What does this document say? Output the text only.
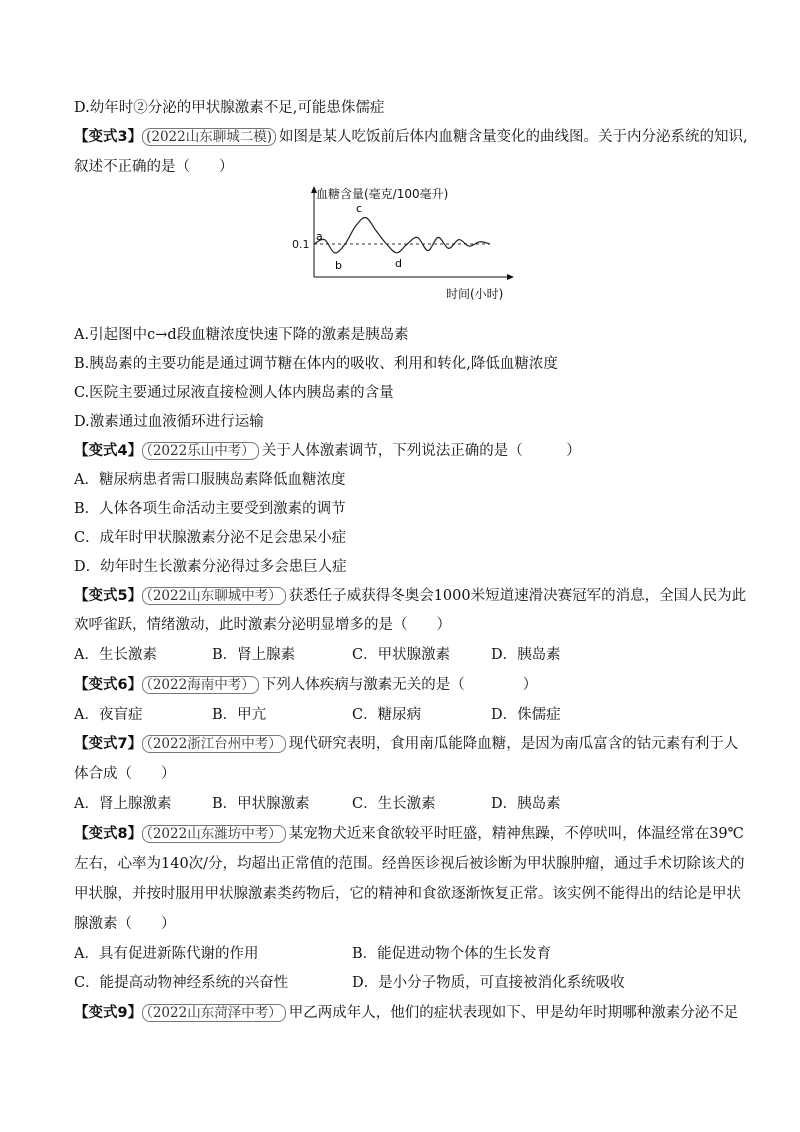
D.幼年时②分泌的甲状腺激素不足,可能患侏儒症
【变式3】 (2022山东聊城二模) 如图是某人吃饭前后体内血糖含量变化的曲线图。关于内分泌系统的知识,
叙述不正确的是（　　）
血糖含量(毫克/100毫升)
时间(小时)
0.1
a
b
c
d
A.引起图中c→d段血糖浓度快速下降的激素是胰岛素
B.胰岛素的主要功能是通过调节糖在体内的吸收、利用和转化,降低血糖浓度
C.医院主要通过尿液直接检测人体内胰岛素的含量
D.激素通过血液循环进行运输
【变式4】 （2022乐山中考） 关于人体激素调节，下列说法正确的是（　　　）
A．糖尿病患者需口服胰岛素降低血糖浓度
B．人体各项生命活动主要受到激素的调节
C．成年时甲状腺激素分泌不足会患呆小症
D．幼年时生长激素分泌得过多会患巨人症
【变式5】 （2022山东聊城中考） 获悉任子威获得冬奥会1000米短道速滑决赛冠军的消息，全国人民为此
欢呼雀跃，情绪激动，此时激素分泌明显增多的是（　　）
A．生长激素	B．肾上腺素	C．甲状腺激素	D．胰岛素
【变式6】 （2022海南中考） 下列人体疾病与激素无关的是（　　　　）
A．夜盲症	B．甲亢	C．糖尿病	D．侏儒症
【变式7】 （2022浙江台州中考） 现代研究表明，食用南瓜能降血糖，是因为南瓜富含的钴元素有利于人
体合成（　　）
A．肾上腺激素	B．甲状腺激素	C．生长激素	D．胰岛素
【变式8】 （2022山东潍坊中考） 某宠物犬近来食欲较平时旺盛，精神焦躁，不停吠叫，体温经常在39℃
左右，心率为140次/分，均超出正常值的范围。经兽医诊视后被诊断为甲状腺肿瘤，通过手术切除该犬的
甲状腺，并按时服用甲状腺激素类药物后，它的精神和食欲逐渐恢复正常。该实例不能得出的结论是甲状
腺激素（　　）
A．具有促进新陈代谢的作用	B．能促进动物个体的生长发育
C．能提高动物神经系统的兴奋性	D．是小分子物质，可直接被消化系统吸收
【变式9】 （2022山东菏泽中考） 甲乙两成年人，他们的症状表现如下、甲是幼年时期哪种激素分泌不足
